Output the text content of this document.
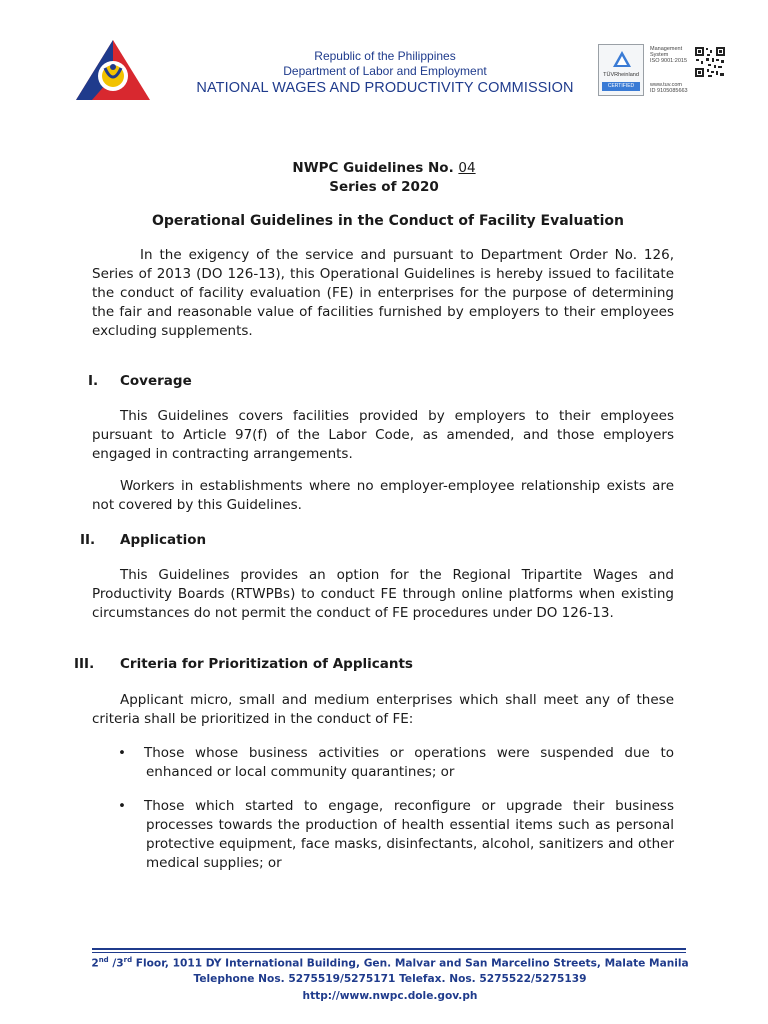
Republic of the Philippines
Department of Labor and Employment
NATIONAL WAGES AND PRODUCTIVITY COMMISSION
TÜVRheinland
CERTIFIED
Management
System
ISO 9001:2015
www.tuv.com
ID 9105085663
NWPC Guidelines No. 04
Series of 2020
Operational Guidelines in the Conduct of Facility Evaluation
In the exigency of the service and pursuant to Department Order No. 126, Series of 2013 (DO 126-13), this Operational Guidelines is hereby issued to facilitate the conduct of facility evaluation (FE) in enterprises for the purpose of determining the fair and reasonable value of facilities furnished by employers to their employees excluding supplements.
I.	Coverage
This Guidelines covers facilities provided by employers to their employees pursuant to Article 97(f) of the Labor Code, as amended, and those employers engaged in contracting arrangements.
Workers in establishments where no employer-employee relationship exists are not covered by this Guidelines.
II.	Application
This Guidelines provides an option for the Regional Tripartite Wages and Productivity Boards (RTWPBs) to conduct FE through online platforms when existing circumstances do not permit the conduct of FE procedures under DO 126-13.
III.	Criteria for Prioritization of Applicants
Applicant micro, small and medium enterprises which shall meet any of these criteria shall be prioritized in the conduct of FE:
•	Those whose business activities or operations were suspended due to enhanced or local community quarantines; or
•	Those which started to engage, reconfigure or upgrade their business processes towards the production of health essential items such as personal protective equipment, face masks, disinfectants, alcohol, sanitizers and other medical supplies; or
2nd /3rd Floor, 1011 DY International Building, Gen. Malvar and San Marcelino Streets, Malate Manila
Telephone Nos. 5275519/5275171 Telefax. Nos. 5275522/5275139
http://www.nwpc.dole.gov.ph
